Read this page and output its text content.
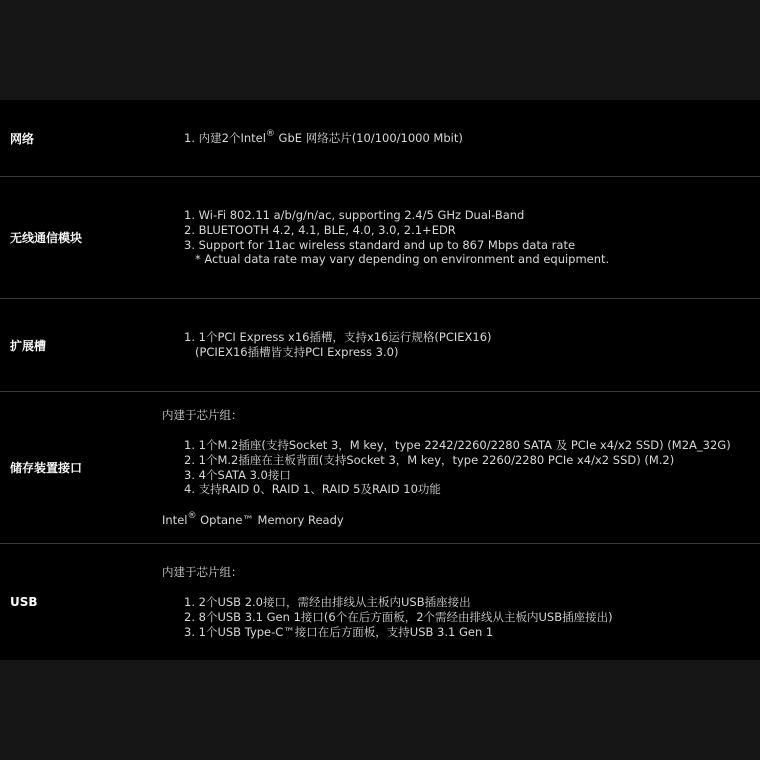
网络	1. 内建2个Intel® GbE 网络芯片(10/100/1000 Mbit)
无线通信模块
1. Wi-Fi 802.11 a/b/g/n/ac, supporting 2.4/5 GHz Dual-Band
2. BLUETOOTH 4.2, 4.1, BLE, 4.0, 3.0, 2.1+EDR
3. Support for 11ac wireless standard and up to 867 Mbps data rate
* Actual data rate may vary depending on environment and equipment.
扩展槽
1. 1个PCI Express x16插槽，支持x16运行规格(PCIEX16)
(PCIEX16插槽皆支持PCI Express 3.0)
储存装置接口
内建于芯片组：
1. 1个M.2插座(支持Socket 3，M key，type 2242/2260/2280 SATA 及 PCIe x4/x2 SSD) (M2A_32G)
2. 1个M.2插座在主板背面(支持Socket 3，M key，type 2260/2280 PCIe x4/x2 SSD) (M.2)
3. 4个SATA 3.0接口
4. 支持RAID 0、RAID 1、RAID 5及RAID 10功能
Intel® Optane™ Memory Ready
USB
内建于芯片组：
1. 2个USB 2.0接口，需经由排线从主板内USB插座接出
2. 8个USB 3.1 Gen 1接口(6个在后方面板，2个需经由排线从主板内USB插座接出)
3. 1个USB Type-C™接口在后方面板，支持USB 3.1 Gen 1
